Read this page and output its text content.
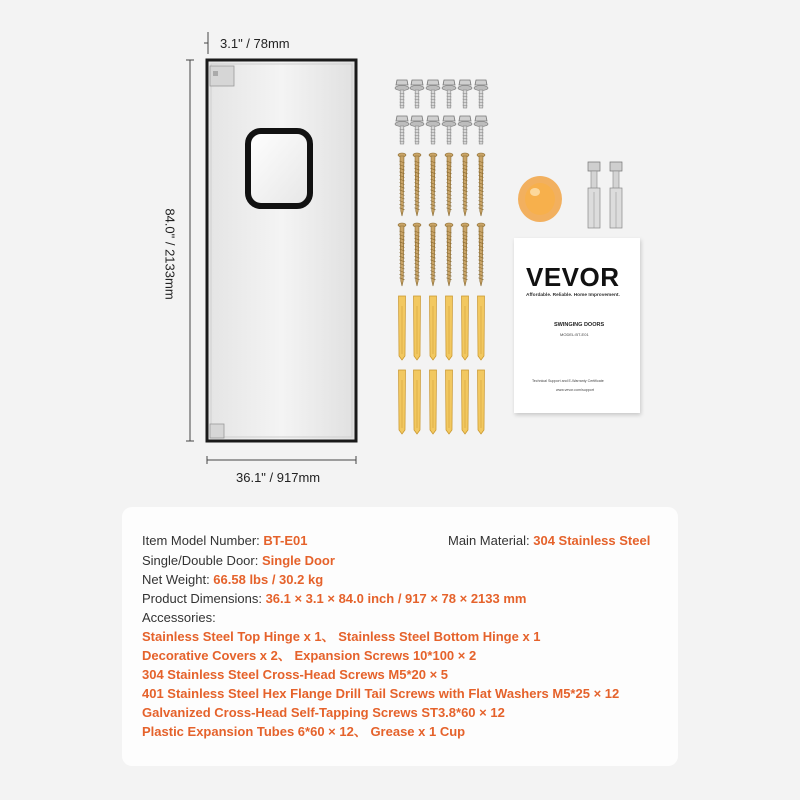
3.1" / 78mm
36.1" / 917mm
84.0" / 2133mm	VEVOR
Affordable. Reliable. Home Improvement.
SWINGING DOORS
MODEL:BT-E01
Technical Support and E-Warranty Certificate
www.vevor.com/support
Item Model Number: BT-E01	Main Material: 304 Stainless Steel
Single/Double Door: Single Door
Net Weight: 66.58 lbs / 30.2 kg
Product Dimensions: 36.1 × 3.1 × 84.0 inch / 917 × 78 × 2133 mm
Accessories:
Stainless Steel Top Hinge x 1、 Stainless Steel Bottom Hinge x 1
Decorative Covers x 2、 Expansion Screws 10*100 × 2
304 Stainless Steel Cross-Head Screws M5*20 × 5
401 Stainless Steel Hex Flange Drill Tail Screws with Flat Washers M5*25 × 12
Galvanized Cross-Head Self-Tapping Screws ST3.8*60 × 12
Plastic Expansion Tubes 6*60 × 12、 Grease x 1 Cup
